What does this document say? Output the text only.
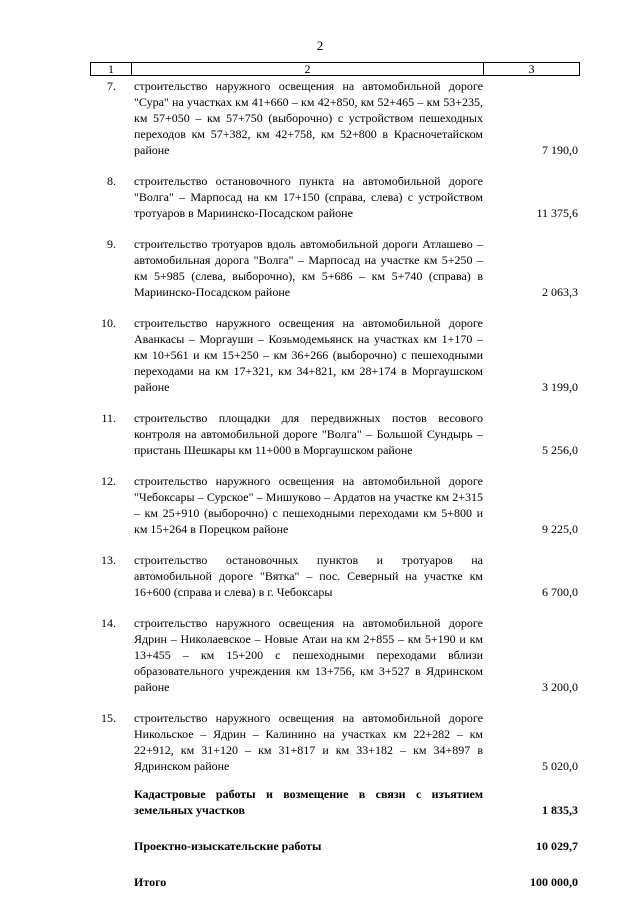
2
1	2	3
7.	строительство наружного освещения на автомобильной дороге "Сура" на участках км 41+660 – км 42+850, км 52+465 – км 53+235, км 57+050 – км 57+750 (выборочно) с устройством пешеходных переходов км 57+382, км 42+758, км 52+800 в Красночетайском районе	7 190,0
8.	строительство остановочного пункта на автомобильной дороге "Волга" – Марпосад на км 17+150 (справа, слева) с устройством тротуаров в Мариинско-Посадском районе	11 375,6
9.	строительство тротуаров вдоль автомобильной дороги Атлашево – автомобильная дорога "Волга" – Марпосад на участке км 5+250 – км 5+985 (слева, выборочно), км 5+686 – км 5+740 (справа) в Мариинско-Посадском районе	2 063,3
10.	строительство наружного освещения на автомобильной дороге Аванкасы – Моргауши – Козьмодемьянск на участках км 1+170 – км 10+561 и км 15+250 – км 36+266 (выборочно) с пешеходными переходами на км 17+321, км 34+821, км 28+174 в Моргаушском районе	3 199,0
11.	строительство площадки для передвижных постов весового контроля на автомобильной дороге "Волга" – Большой Сундырь – пристань Шешкары км 11+000 в Моргаушском районе	5 256,0
12.	строительство наружного освещения на автомобильной дороге "Чебоксары – Сурское" – Мишуково – Ардатов на участке км 2+315 – км 25+910 (выборочно) с пешеходными переходами км 5+800 и км 15+264 в Порецком районе	9 225,0
13.	строительство остановочных пунктов и тротуаров на автомобильной дороге "Вятка" – пос. Северный на участке км 16+600 (справа и слева) в г. Чебоксары	6 700,0
14.	строительство наружного освещения на автомобильной дороге Ядрин – Николаевское – Новые Атаи на км 2+855 – км 5+190 и км 13+455 – км 15+200 с пешеходными переходами вблизи образовательного учреждения км 13+756, км 3+527 в Ядринском районе	3 200,0
15.	строительство наружного освещения на автомобильной дороге Никольское – Ядрин – Калинино на участках км 22+282 – км 22+912, км 31+120 – км 31+817 и км 33+182 – км 34+897 в Ядринском районе	5 020,0
Кадастровые работы и возмещение в связи с изъятием земельных участков	1 835,3
Проектно-изыскательские работы	10 029,7
Итого	100 000,0
